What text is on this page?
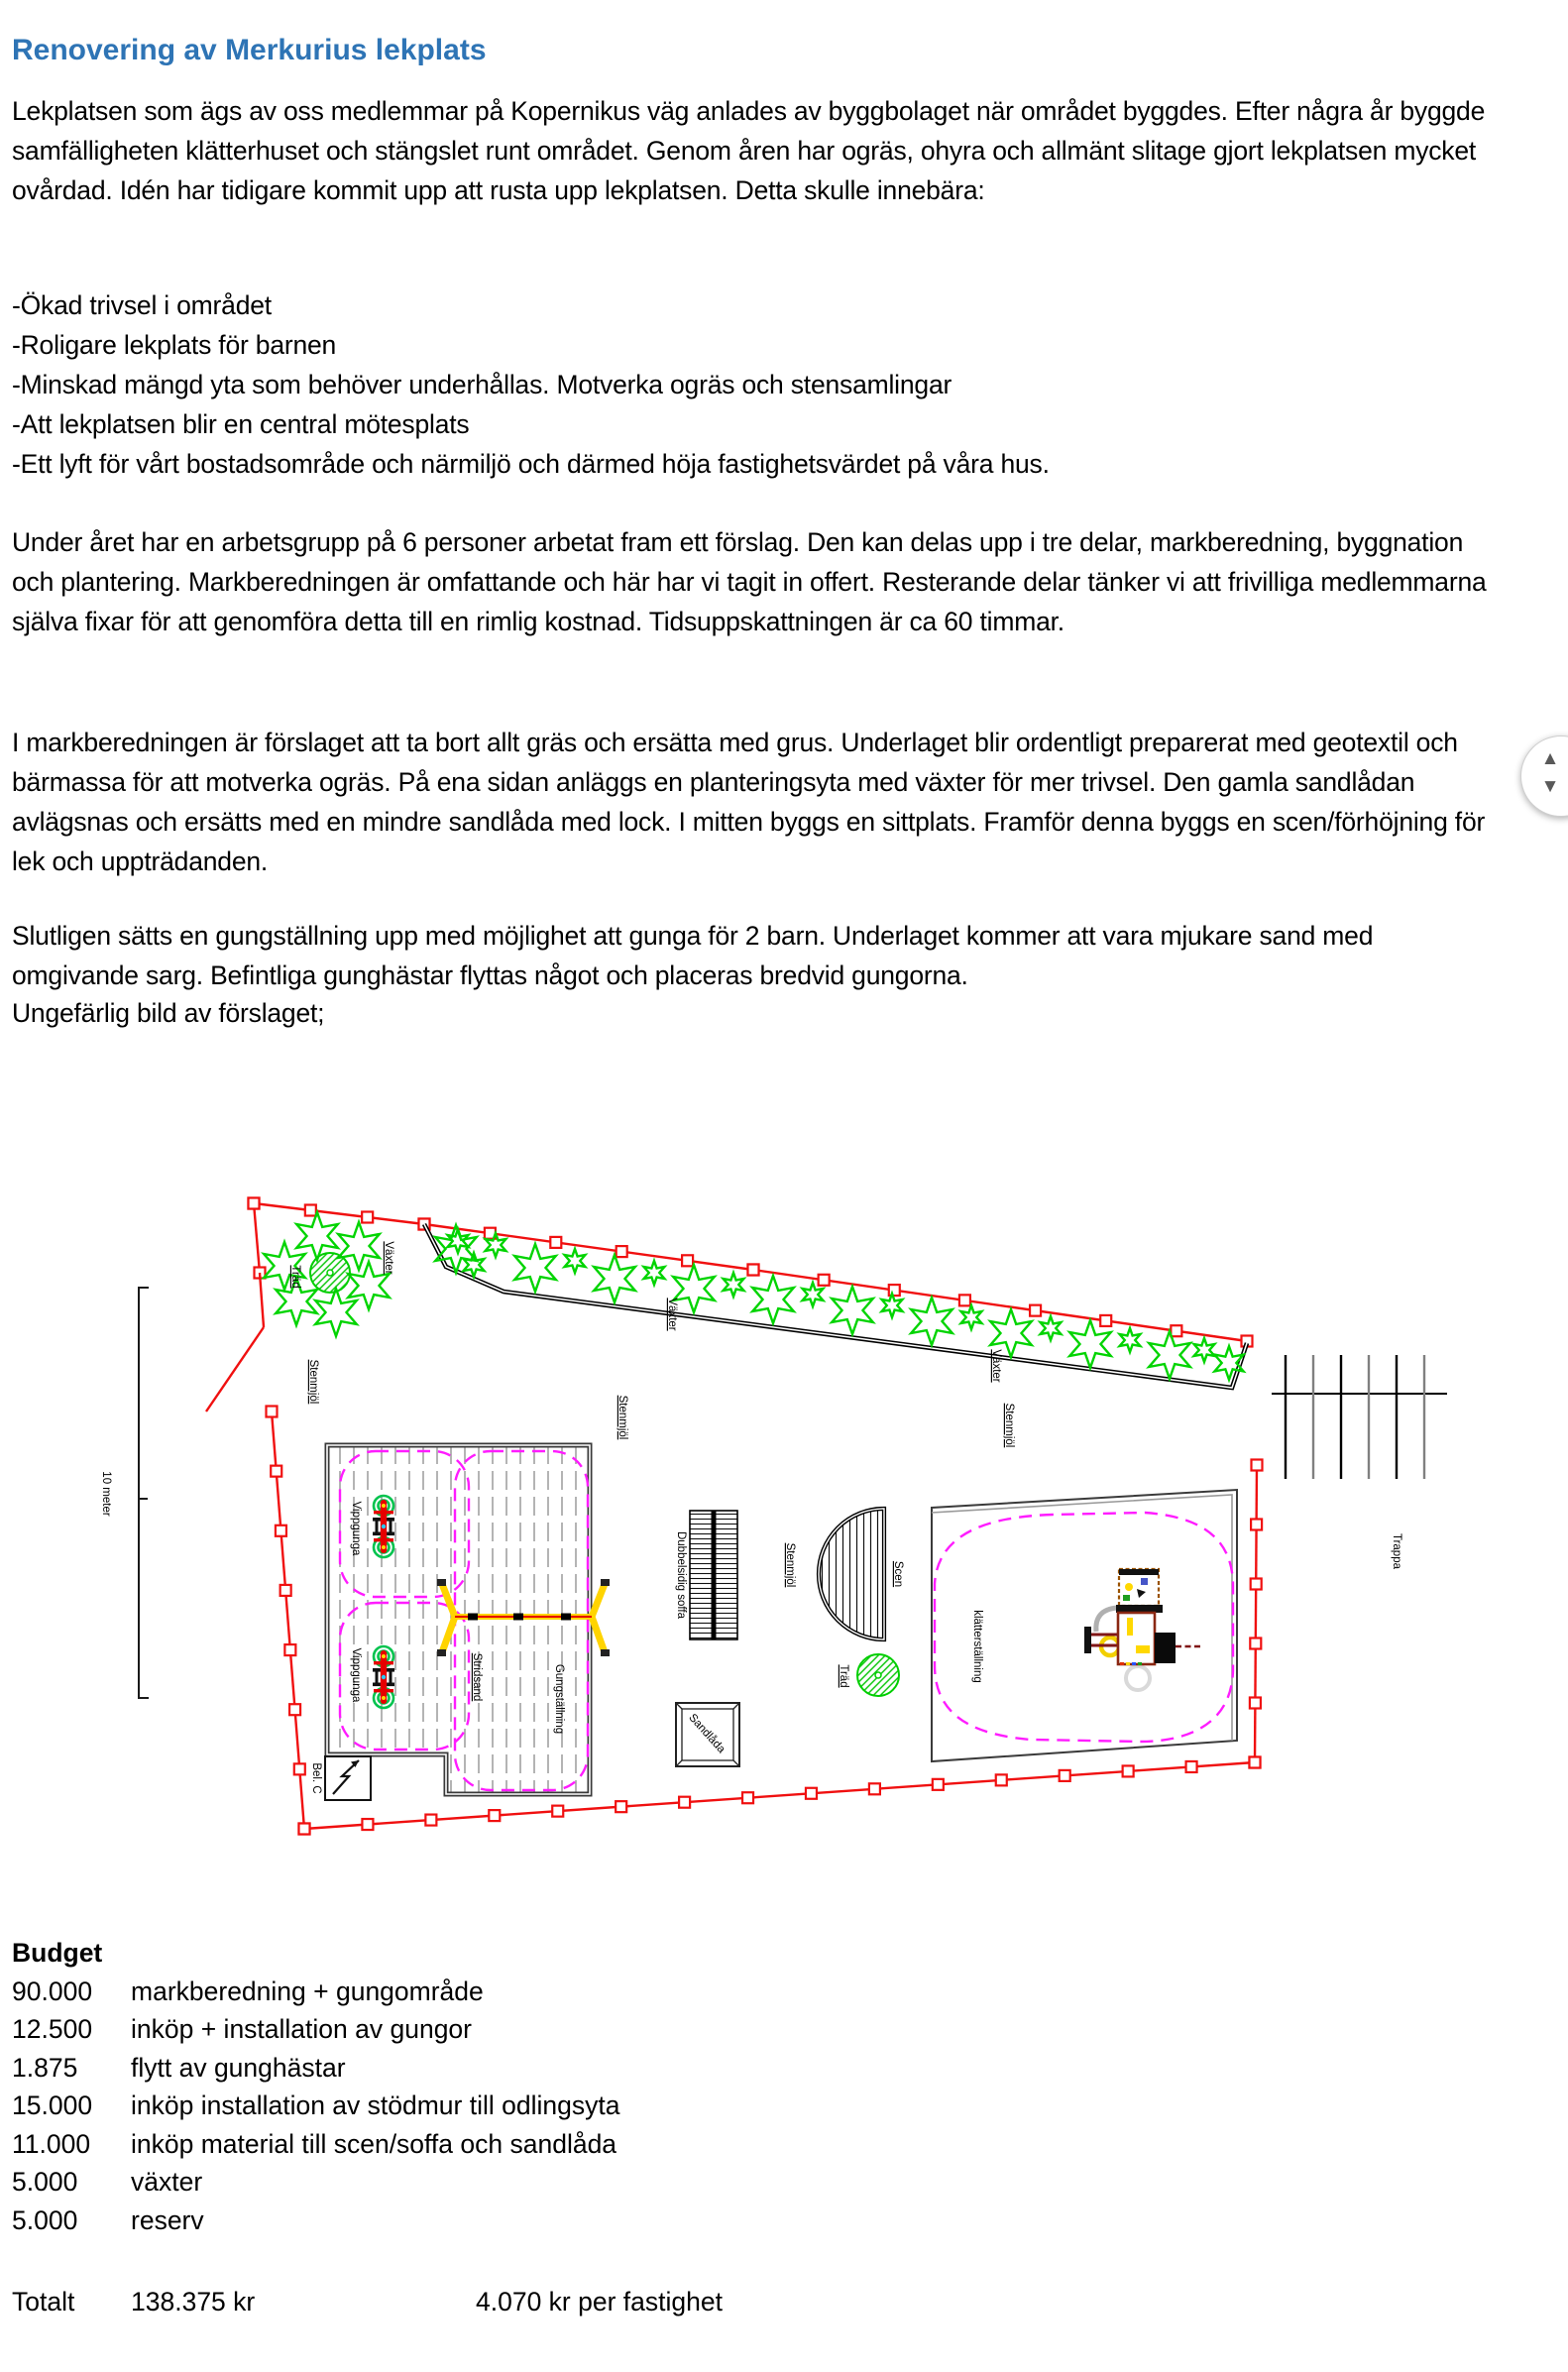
Växter
Träd
Stenmjöl
Växter
Växter
Stenmjöl	Stenmjöl
Vippgunga
Vippgunga	Stridsand	Gungställning
Dubbelsidig soffa	Stenmjöl	Scen
Träd
Sandlåda
klätterställning
Trappa
Bel. C
10 meter
Renovering av Merkurius lekplats
Lekplatsen som ägs av oss medlemmar på Kopernikus väg anlades av byggbolaget när området byggdes. Efter några år byggde samfälligheten klätterhuset och stängslet runt området. Genom åren har ogräs, ohyra och allmänt slitage gjort lekplatsen mycket ovårdad. Idén har tidigare kommit upp att rusta upp lekplatsen. Detta skulle innebära:
-Ökad trivsel i området
-Roligare lekplats för barnen
-Minskad mängd yta som behöver underhållas. Motverka ogräs och stensamlingar
-Att lekplatsen blir en central mötesplats
-Ett lyft för vårt bostadsområde och närmiljö och därmed höja fastighetsvärdet på våra hus.
Under året har en arbetsgrupp på 6 personer arbetat fram ett förslag. Den kan delas upp i tre delar, markberedning, byggnation och plantering. Markberedningen är omfattande och här har vi tagit in offert. Resterande delar tänker vi att frivilliga medlemmarna själva fixar för att genomföra detta till en rimlig kostnad. Tidsuppskattningen är ca 60 timmar.
I markberedningen är förslaget att ta bort allt gräs och ersätta med grus. Underlaget blir ordentligt preparerat med geotextil och bärmassa för att motverka ogräs. På ena sidan anläggs en planteringsyta med växter för mer trivsel. Den gamla sandlådan avlägsnas och ersätts med en mindre sandlåda med lock. I mitten byggs en sittplats. Framför denna byggs en scen/förhöjning för lek och uppträdanden.
Slutligen sätts en gungställning upp med möjlighet att gunga för 2 barn. Underlaget kommer att vara mjukare sand med omgivande sarg. Befintliga gunghästar flyttas något och placeras bredvid gungorna.
Ungefärlig bild av förslaget;
Budget
90.000 markberedning + gungområde
12.500 inköp + installation av gungor
1.875 flytt av gunghästar
15.000 inköp installation av stödmur till odlingsyta
11.000 inköp material till scen/soffa och sandlåda
5.000 växter
5.000 reserv
Totalt	138.375 kr	4.070 kr per fastighet
▲
▼
